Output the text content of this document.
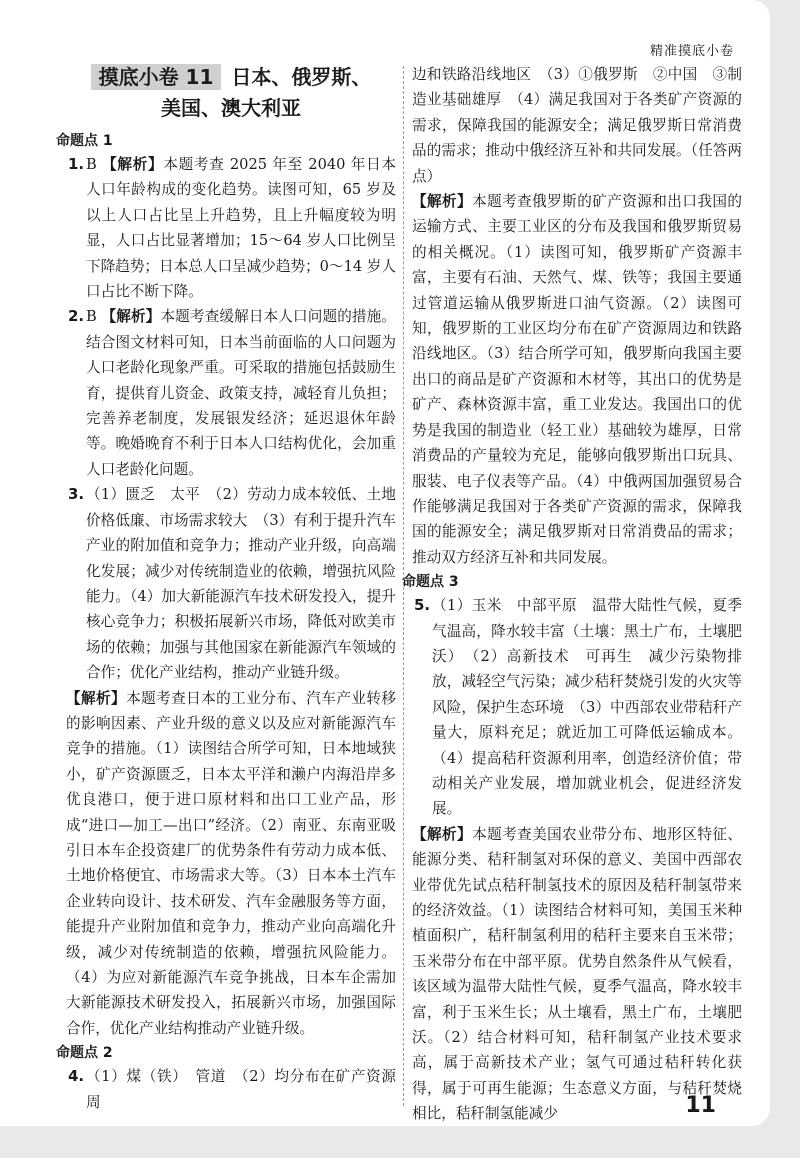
精准摸底小卷
摸底小卷 11 日本、俄罗斯、
美国、澳大利亚
命题点 1
1. B 【解析】本题考查 2025 年至 2040 年日本人口年龄构成的变化趋势。读图可知，65 岁及以上人口占比呈上升趋势，且上升幅度较为明显，人口占比显著增加；15～64 岁人口比例呈下降趋势；日本总人口呈减少趋势；0～14 岁人口占比不断下降。
2. B 【解析】本题考查缓解日本人口问题的措施。结合图文材料可知，日本当前面临的人口问题为人口老龄化现象严重。可采取的措施包括鼓励生育，提供育儿资金、政策支持，减轻育儿负担；完善养老制度，发展银发经济；延迟退休年龄等。晚婚晚育不利于日本人口结构优化，会加重人口老龄化问题。
3. （1）匮乏　太平　（2）劳动力成本较低、土地价格低廉、市场需求较大　（3）有利于提升汽车产业的附加值和竞争力；推动产业升级，向高端化发展；减少对传统制造业的依赖，增强抗风险能力。（4）加大新能源汽车技术研发投入，提升核心竞争力；积极拓展新兴市场，降低对欧美市场的依赖；加强与其他国家在新能源汽车领域的合作；优化产业结构，推动产业链升级。

【解析】本题考查日本的工业分布、汽车产业转移的影响因素、产业升级的意义以及应对新能源汽车竞争的措施。（1）读图结合所学可知，日本地域狭小，矿产资源匮乏，日本太平洋和濑户内海沿岸多优良港口，便于进口原材料和出口工业产品，形成“进口—加工—出口”经济。（2）南亚、东南亚吸引日本车企投资建厂的优势条件有劳动力成本低、土地价格便宜、市场需求大等。（3）日本本土汽车企业转向设计、技术研发、汽车金融服务等方面，能提升产业附加值和竞争力，推动产业向高端化升级，减少对传统制造的依赖，增强抗风险能力。（4）为应对新能源汽车竞争挑战，日本车企需加大新能源技术研发投入，拓展新兴市场，加强国际合作，优化产业结构推动产业链升级。

命题点 2
4. （1）煤（铁）　管道　（2）均分布在矿产资源周

边和铁路沿线地区　（3）①俄罗斯　②中国　③制造业基础雄厚　（4）满足我国对于各类矿产资源的需求，保障我国的能源安全；满足俄罗斯日常消费品的需求；推动中俄经济互补和共同发展。（任答两点）

【解析】本题考查俄罗斯的矿产资源和出口我国的运输方式、主要工业区的分布及我国和俄罗斯贸易的相关概况。（1）读图可知，俄罗斯矿产资源丰富，主要有石油、天然气、煤、铁等；我国主要通过管道运输从俄罗斯进口油气资源。（2）读图可知，俄罗斯的工业区均分布在矿产资源周边和铁路沿线地区。（3）结合所学可知，俄罗斯向我国主要出口的商品是矿产资源和木材等，其出口的优势是矿产、森林资源丰富，重工业发达。我国出口的优势是我国的制造业（轻工业）基础较为雄厚，日常消费品的产量较为充足，能够向俄罗斯出口玩具、服装、电子仪表等产品。（4）中俄两国加强贸易合作能够满足我国对于各类矿产资源的需求，保障我国的能源安全；满足俄罗斯对日常消费品的需求；推动双方经济互补和共同发展。

命题点 3
5. （1）玉米　中部平原　温带大陆性气候，夏季气温高，降水较丰富（土壤：黑土广布，土壤肥沃）　（2）高新技术　可再生　减少污染物排放，减轻空气污染；减少秸秆焚烧引发的火灾等风险，保护生态环境　（3）中西部农业带秸秆产量大，原料充足；就近加工可降低运输成本。（4）提高秸秆资源利用率，创造经济价值；带动相关产业发展，增加就业机会，促进经济发展。

【解析】本题考查美国农业带分布、地形区特征、能源分类、秸秆制氢对环保的意义、美国中西部农业带优先试点秸秆制氢技术的原因及秸秆制氢带来的经济效益。（1）读图结合材料可知，美国玉米种植面积广，秸秆制氢利用的秸秆主要来自玉米带；玉米带分布在中部平原。优势自然条件从气候看，该区域为温带大陆性气候，夏季气温高，降水较丰富，利于玉米生长；从土壤看，黑土广布，土壤肥沃。（2）结合材料可知，秸秆制氢产业技术要求高，属于高新技术产业；氢气可通过秸秆转化获得，属于可再生能源；生态意义方面，与秸秆焚烧相比，秸秆制氢能减少	11
